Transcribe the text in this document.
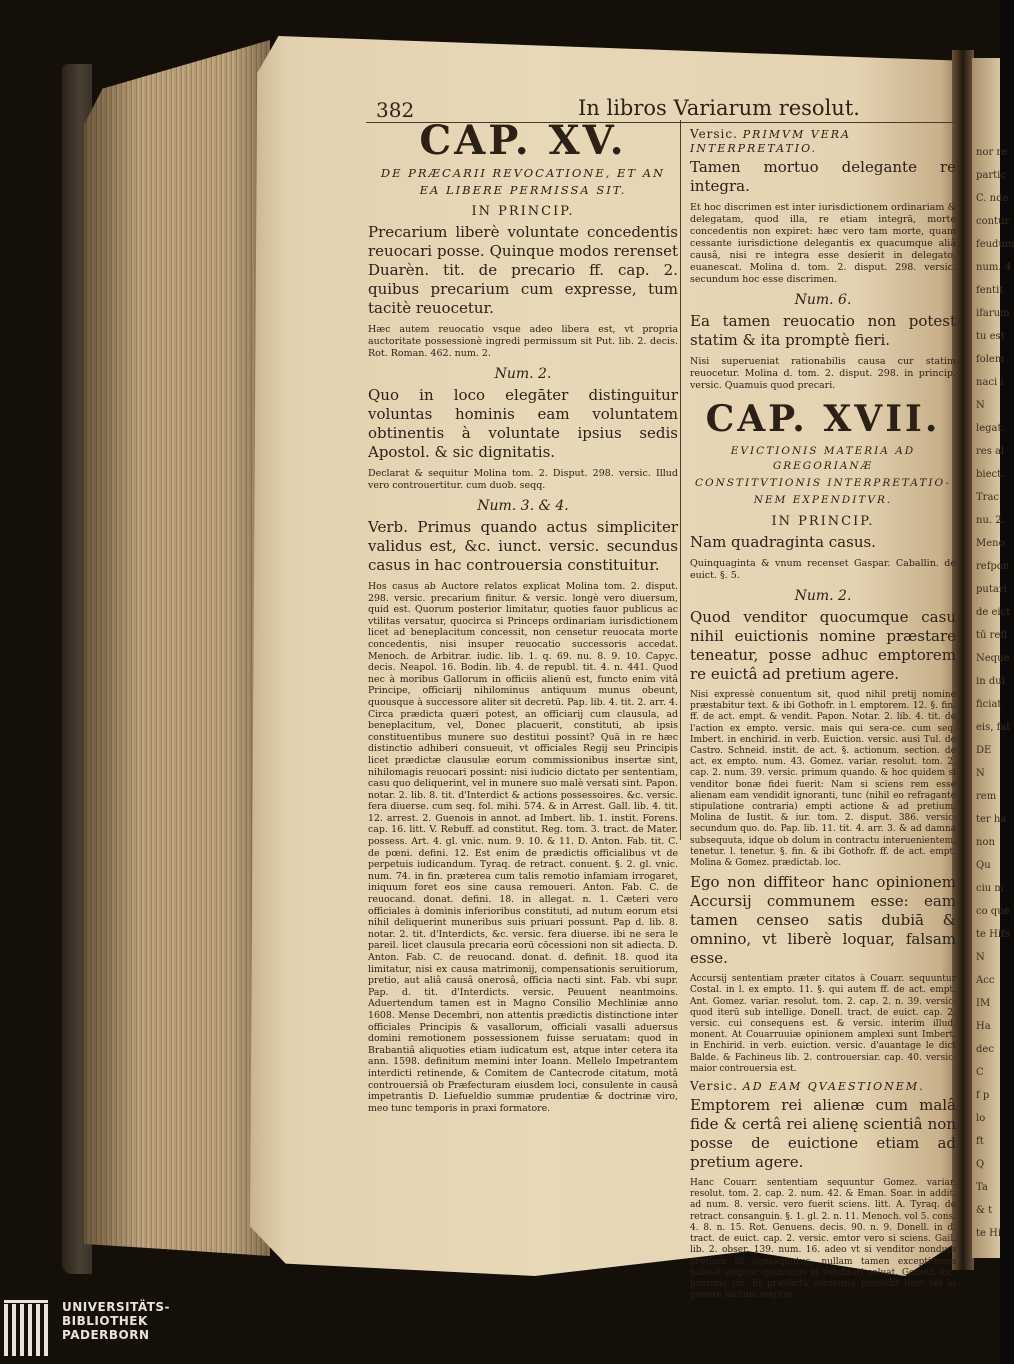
nor re
partic
C. nde
contur
feudum
num. 4
fentit
ifarum
tu est
folem
naci i
N
legat.
res al
biect.
Trac
nu. 2.
Meno
refpon
putari
de eict
tū refl
Neque
in dul
ficiat
eis, fat
DE
N
rem
ter ha
non
Qu
ciu m
co que
te Hifs
N
Acc
IM
Ha
dec
C
f p
lo
ft
Q
Ta
& t
te Hi
382	In libros Variarum resolut.
CAP. XV.
DE PRÆCARII REVOCATIONE, ET AN
EA LIBERE PERMISSA SIT.
IN PRINCIP.

Precarium liberè voluntate concedentis reuocari posse. Quinque modos rerenset Duarèn. tit. de precario ff. cap. 2. quibus precarium cum expresse, tum tacitè reuocetur.

Hæc autem reuocatio vsque adeo libera est, vt propria auctoritate possessionè ingredi permissum sit Put. lib. 2. decis. Rot. Roman. 462. num. 2.

Num. 2.

Quo in loco elegāter distinguitur voluntas hominis eam voluntatem obtinentis à voluntate ipsius sedis Apostol. & sic dignitatis.

Declarat & sequitur Molina tom. 2. Disput. 298. versic. Illud vero controuertitur. cum duob. seqq.

Num. 3. & 4.

Verb. Primus quando actus simpliciter validus est, &c. iunct. versic. secundus casus in hac controuersia constituitur.

Hos casus ab Auctore relatos explicat Molina tom. 2. disput. 298. versic. precarium finitur. & versic. longè vero diuersum, quid est. Quorum posterior limitatur, quoties fauor publicus ac vtilitas versatur, quocirca si Princeps ordinariam iurisdictionem licet ad beneplacitum concessit, non censetur reuocata morte concedentis, nisi insuper reuocatio successoris accedat. Menoch. de Arbitrar. iudic. lib. 1. q. 69. nu. 8. 9. 10. Capyc. decis. Neapol. 16. Bodin. lib. 4. de republ. tit. 4. n. 441. Quod nec à moribus Gallorum in officiis alienū est, functo enim vitâ Principe, officiarij nihilominus antiquum munus obeunt, quousque à successore aliter sit decretū. Pap. lib. 4. tit. 2. arr. 4. Circa prædicta quæri potest, an officiarij cum clausula, ad beneplacitum, vel, Donec placuerit, constituti, ab ipsis constituentibus munere suo destitui possint? Quā in re hæc distinctio adhiberi consueuit, vt officiales Regij seu Principis licet prædictæ clausulæ eorum commissionibus insertæ sint, nihilomagis reuocari possint: nisi iudicio dictato per sententiam, casu quo deliquerint, vel in munere suo malè versati sint. Papon. notar. 2. lib. 8. tit. d'Interdict & actions possessoires. &c. versic. fera diuerse. cum seq. fol. mihi. 574. & in Arrest. Gall. lib. 4. tit. 12. arrest. 2. Guenois in annot. ad Imbert. lib. 1. instit. Forens. cap. 16. litt. V. Rebuff. ad constitut. Reg. tom. 3. tract. de Mater. possess. Art. 4. gl. vnic. num. 9. 10. & 11. D. Anton. Fab. tit. C. de pœni. defini. 12. Est enim de prædictis officialibus vt de perpetuis iudicandum. Tyraq. de retract. conuent. §. 2. gl. vnic. num. 74. in fin. præterea cum talis remotio infamiam irrogaret, iniquum foret eos sine causa remoueri. Anton. Fab. C. de reuocand. donat. defini. 18. in allegat. n. 1. Cæteri vero officiales à dominis inferioribus constituti, ad nutum eorum etsi nihil deliquerint muneribus suis priuari possunt. Pap d. lib. 8. notar. 2. tit. d'Interdicts, &c. versic. fera diuerse. ibi ne sera le pareil. licet clausula precaria eorū cōcessioni non sit adiecta. D. Anton. Fab. C. de reuocand. donat. d. definit. 18. quod ita limitatur, nisi ex causa matrimonij, compensationis seruitiorum, pretio, aut aliâ causâ onerosâ, officia nacti sint. Fab. vbi supr. Pap. d. tit. d'Interdicts. versic. Peuuent neantmoins. Aduertendum tamen est in Magno Consilio Mechliniæ anno 1608. Mense Decembri, non attentis prædictis distinctione inter officiales Principis & vasallorum, officiali vasalli aduersus domini remotionem possessionem fuisse seruatam: quod in Brabantiâ aliquoties etiam iudicatum est, atque inter cetera ita ann. 1598. definitum memini inter Ioann. Mellelo Impetrantem interdicti retinende, & Comitem de Cantecrode citatum, motâ controuersiâ ob Præfecturam eiusdem loci, consulente in causâ impetrantis D. Liefueldio summæ prudentiæ & doctrinæ viro, meo tunc temporis in praxi formatore.

Versic. PRIMVM VERA INTERPRETATIO.

Tamen mortuo delegante re integra.

Et hoc discrimen est inter iurisdictionem ordinariam & delegatam, quod illa, re etiam integrā, morte concedentis non expiret: hæc vero tam morte, quam cessante iurisdictione delegantis ex quacumque aliâ causâ, nisi re integra esse desierit in delegato, euanescat. Molina d. tom. 2. disput. 298. versic. secundum hoc esse discrimen.

Num. 6.

Ea tamen reuocatio non potest statim & ita promptè fieri.

Nisi superueniat rationabilis causa cur statim reuocetur. Molina d. tom. 2. disput. 298. in princip. versic. Quamuis quod precari.

CAP. XVII.
EVICTIONIS MATERIA AD GREGORIANÆ
CONSTITVTIONIS INTERPRETATIO-
NEM EXPENDITVR.
IN PRINCIP.

Nam quadraginta casus.

Quinquaginta & vnum recenset Gaspar. Caballin. de euict. §. 5.

Num. 2.

Quod venditor quocumque casu nihil euictionis nomine præstare teneatur, posse adhuc emptorem re euictâ ad pretium agere.

Nisi expressè conuentum sit, quod nihil pretij nomine præstabitur text. & ibi Gothofr. in l. emptorem. 12. §. fin. ff. de act. empt. & vendit. Papon. Notar. 2. lib. 4. tit. de l'action ex empto. versic. mais qui sera-ce. cum seq. Imbert. in enchirid. in verb. Euiction. versic. ausi Tul. de Castro. Schneid. instit. de act. §. actionum. section. de act. ex empto. num. 43. Gomez. variar. resolut. tom. 2. cap. 2. num. 39. versic. primum quando. & hoc quidem si venditor bonæ fidei fuerit: Nam si sciens rem esse alienam eam vendidit ignoranti, tunc (nihil eo refragante stipulatione contraria) empti actione & ad pretium. Molina de Iustit. & iur. tom. 2. disput. 386. versic. secundum quo. do. Pap. lib. 11. tit. 4. arr. 3. & ad damna subsequuta, idque ob dolum in contractu interuenientem, tenetur. l. tenetur. §. fin. & ibi Gothofr. ff. de act. empt. Molina & Gomez. prædictab. loc.

Ego non diffiteor hanc opinionem Accursij communem esse: eam tamen censeo satis dubiā & omnino, vt liberè loquar, falsam esse.

Accursij sententiam præter citatos à Couarr. sequuntur Costal. in l. ex empto. 11. §. qui autem ff. de act. empt. Ant. Gomez. variar. resolut. tom. 2. cap. 2. n. 39. versic. quod iterū sub intellige. Donell. tract. de euict. cap. 2. versic. cui consequens est. & versic. interim illud. monent. At Couarruuiæ opinionem amplexi sunt Imbert. in Enchirid. in verb. euiction. versic. d'auantage le dict Balde. & Fachineus lib. 2. controuersiar. cap. 40. versic. maior controuersia est.

Versic. AD EAM QVAESTIONEM.

Emptorem rei alienæ cum malâ fide & certâ rei alienę scientiâ non posse de euictione etiam ad pretium agere.

Hanc Couarr. sententiam sequuntur Gomez. variar. resolut. tom. 2. cap. 2. num. 42. & Eman. Soar. in addit. ad num. 8. versic. vero fuerit sciens. litt. A. Tyraq. de retract. consanguin. §. 1. gl. 2. n. 11. Menoch. vol 5. cons. 4. 8. n. 15. Rot. Genuens. decis. 90. n. 9. Donell. in d. tract. de euict. cap. 2. versic. emtor vero si sciens. Gail. lib. 2. obser. 139. num. 16. adeo vt si venditor nondum pretium fit consequutus, nullam tamen exceptionem habeat emptor quominus id venditori soluat. Gomez. loc. proxime cit. Et prædicta sententia procedit licet vel in genere tantum emptor

UNIVERSITÄTS-
BIBLIOTHEK
PADERBORN
